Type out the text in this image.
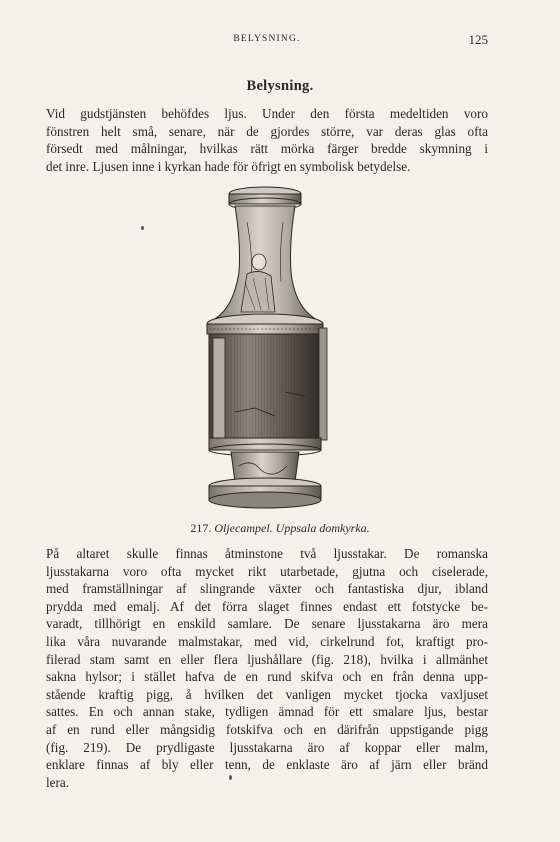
BELYSNING.	125
Belysning.
Vid gudstjänsten behöfdes ljus. Under den första medeltiden voro
fönstren helt små, senare, när de gjordes större, var deras glas ofta
försedt med målningar, hvilkas rätt mörka färger bredde skymning i
det inre. Ljusen inne i kyrkan hade för öfrigt en symbolisk betydelse.
217. Oljecampel. Uppsala domkyrka.
På altaret skulle finnas åtminstone två ljusstakar. De romanska
ljusstakarna voro ofta mycket rikt utarbetade, gjutna och ciselerade,
med framställningar af slingrande växter och fantastiska djur, ibland
prydda med emalj. Af det förra slaget finnes endast ett fotstycke be-
varadt, tillhörigt en enskild samlare. De senare ljusstakarna äro mera
lika våra nuvarande malmstakar, med vid, cirkelrund fot, kraftigt pro-
filerad stam samt en eller flera ljushållare (fig. 218), hvilka i allmänhet
sakna hylsor; i stället hafva de en rund skifva och en från denna upp-
stående kraftig pigg, å hvilken det vanligen mycket tjocka vaxljuset
sattes. En och annan stake, tydligen ämnad för ett smalare ljus, bestar
af en rund eller mångsidig fotskifva och en därifrån uppstigande pigg
(fig. 219). De prydligaste ljusstakarna äro af koppar eller malm,
enklare finnas af bly eller tenn, de enklaste äro af järn eller bränd
lera.
